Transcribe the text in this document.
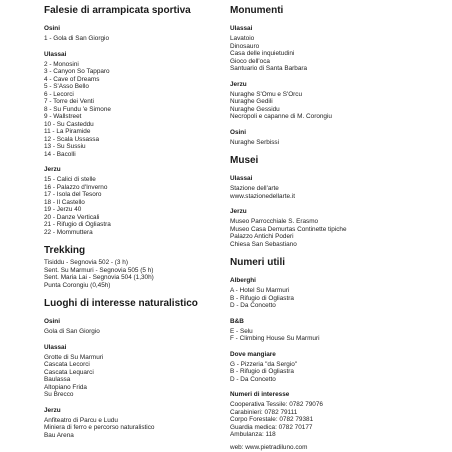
Falesie di arrampicata sportiva
Osini
1 - Gola di San Giorgio
Ulassai
2 - Monosini
3 - Canyon So Tapparo
4 - Cave of Dreams
5 - S'Asso Bello
6 - Lecorci
7 - Torre dei Venti
8 - Su Fundu 'e Simone
9 - Wallstreet
10 - Su Casteddu
11 - La Piramide
12 - Scala Ussassa
13 - Su Sussiu
14 - Bacolli
Jerzu
15 - Calici di stelle
16 - Palazzo d'Inverno
17 - Isola del Tesoro
18 - Il Castello
19 - Jerzu 40
20 - Danze Verticali
21 - Rifugio di Ogliastra
22 - Mommuttera
Trekking
Tisiddu - Segnovia 502 - (3 h)
Sent. Su Marmuri - Segnovia 505 (5 h)
Sent. Maria Lai - Segnovia 504 (1,30h)
Punta Corongiu (0,45h)
Luoghi di interesse naturalistico
Osini
Gola di San Giorgio
Ulassai
Grotte di Su Marmuri
Cascata Lecorci
Cascata Lequarci
Baulassa
Altopiano Frida
Su Brecco
Jerzu
Anfiteatro di Parcu e Ludu
Miniera di ferro e percorso naturalistico
Bau Arena
Monumenti
Ulassai
Lavatoio
Dinosauro
Casa delle inquietudini
Gioco dell'oca
Santuario di Santa Barbara
Jerzu
Nuraghe S'Omu e S'Orcu
Nuraghe Gedili
Nuraghe Gessidu
Necropoli e capanne di M. Corongiu
Osini
Nuraghe Serbissi
Musei
Ulassai
Stazione dell'arte
www.stazionedellarte.it
Jerzu
Museo Parrocchiale S. Erasmo
Museo Casa Demurtas Continette tipiche
Palazzo Antichi Poderi
Chiesa San Sebastiano
Numeri utili
Alberghi
A - Hotel Su Marmuri
B - Rifugio di Ogliastra
D - Da Concetto
B&B
E - Selu
F - Climbing House Su Marmuri
Dove mangiare
G - Pizzeria "da Sergio"
B - Rifugio di Ogliastra
D - Da Concetto
Numeri di interesse
Cooperativa Tessile: 0782 79076
Carabinieri: 0782 79111
Corpo Forestale: 0782 79381
Guardia medica: 0782 70177
Ambulanza: 118
web: www.pietradiluno.com
